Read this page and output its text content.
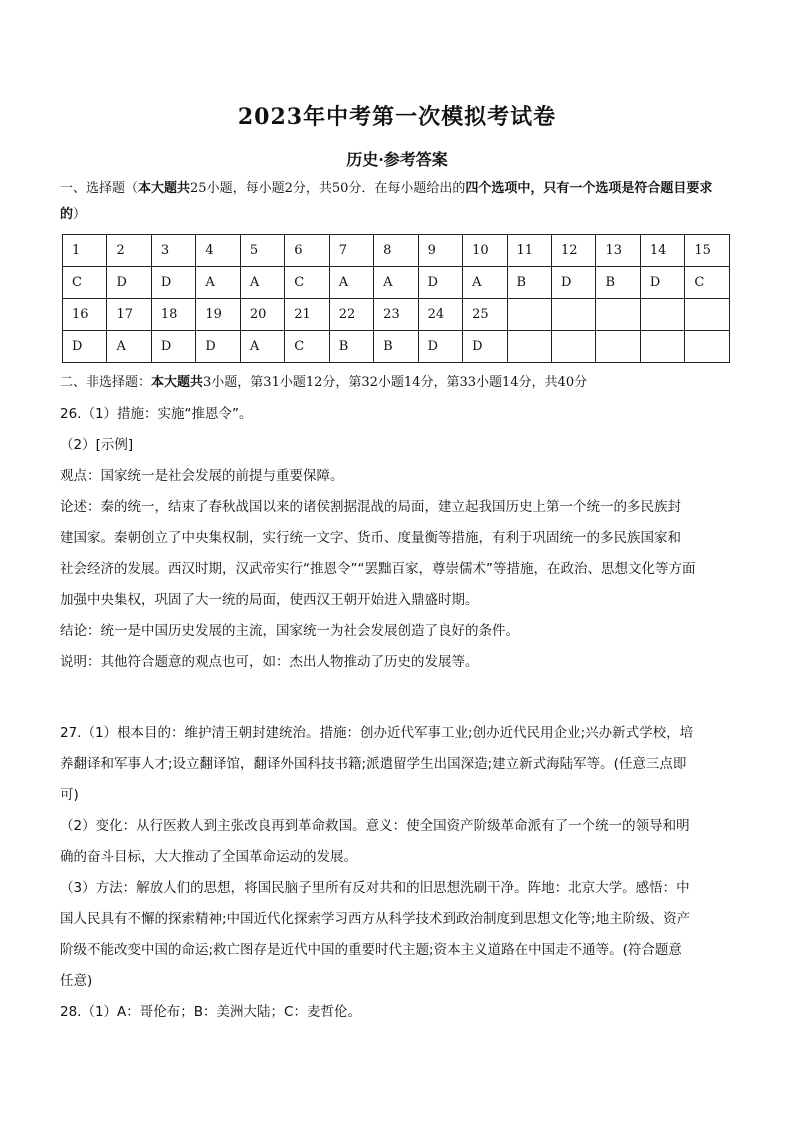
2023年中考第一次模拟考试卷
历史·参考答案
一、选择题（本大题共25小题，每小题2分，共50分．在每小题给出的四个选项中，只有一个选项是符合题目要求的）
1	2	3	4	5	6	7	8	9	10	11	12	13	14	15
C	D	D	A	A	C	A	A	D	A	B	D	B	D	C
16	17	18	19	20	21	22	23	24	25					
D	A	D	D	A	C	B	B	D	D					
二、非选择题：本大题共3小题，第31小题12分，第32小题14分，第33小题14分，共40分

26.（1）措施：实施“推恩令”。

（2）[示例]

观点：国家统一是社会发展的前提与重要保障。

论述：秦的统一，结束了春秋战国以来的诸侯割据混战的局面，建立起我国历史上第一个统一的多民族封

建国家。秦朝创立了中央集权制，实行统一文字、货币、度量衡等措施，有利于巩固统一的多民族国家和

社会经济的发展。西汉时期，汉武帝实行“推恩令”“罢黜百家，尊崇儒术”等措施，在政治、思想文化等方面

加强中央集权，巩固了大一统的局面，使西汉王朝开始进入鼎盛时期。

结论：统一是中国历史发展的主流，国家统一为社会发展创造了良好的条件。

说明：其他符合题意的观点也可，如：杰出人物推动了历史的发展等。

27.（1）根本目的：维护清王朝封建统治。措施：创办近代军事工业;创办近代民用企业;兴办新式学校，培

养翻译和军事人才;设立翻译馆，翻译外国科技书籍;派遣留学生出国深造;建立新式海陆军等。(任意三点即

可)

（2）变化：从行医救人到主张改良再到革命救国。意义：使全国资产阶级革命派有了一个统一的领导和明

确的奋斗目标，大大推动了全国革命运动的发展。

（3）方法：解放人们的思想，将国民脑子里所有反对共和的旧思想洗刷干净。阵地：北京大学。感悟：中

国人民具有不懈的探索精神;中国近代化探索学习西方从科学技术到政治制度到思想文化等;地主阶级、资产

阶级不能改变中国的命运;救亡图存是近代中国的重要时代主题;资本主义道路在中国走不通等。(符合题意

任意)

28.（1）A：哥伦布；B：美洲大陆；C：麦哲伦。
